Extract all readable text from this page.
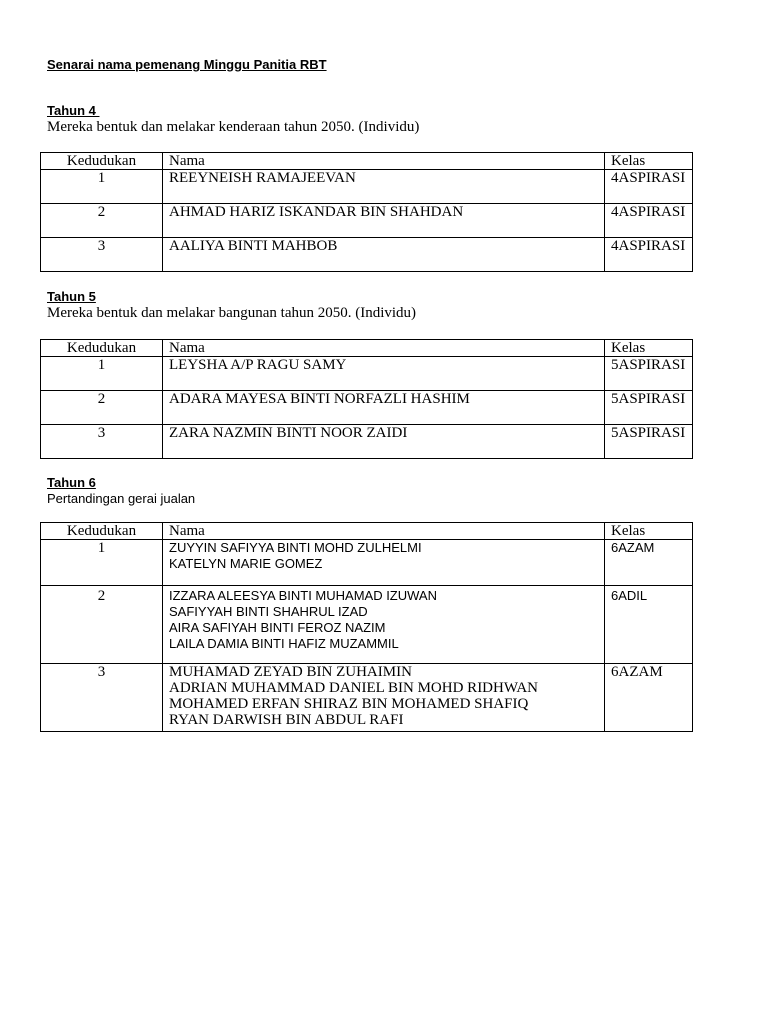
Senarai nama pemenang Minggu Panitia RBT
Tahun 4
Mereka bentuk dan melakar kenderaan tahun 2050. (Individu)
Kedudukan	Nama	Kelas
1	REEYNEISH RAMAJEEVAN	4ASPIRASI
2	AHMAD HARIZ ISKANDAR BIN SHAHDAN	4ASPIRASI
3	AALIYA BINTI MAHBOB	4ASPIRASI
Tahun 5
Mereka bentuk dan melakar bangunan tahun 2050. (Individu)
Kedudukan	Nama	Kelas
1	LEYSHA A/P RAGU SAMY	5ASPIRASI
2	ADARA MAYESA BINTI NORFAZLI HASHIM	5ASPIRASI
3	ZARA NAZMIN BINTI NOOR ZAIDI	5ASPIRASI
Tahun 6
Pertandingan gerai jualan
Kedudukan	Nama	Kelas
1	ZUYYIN SAFIYYA BINTI MOHD ZULHELMI
KATELYN MARIE GOMEZ	6AZAM
2	IZZARA ALEESYA BINTI MUHAMAD IZUWAN
SAFIYYAH BINTI SHAHRUL IZAD
AIRA SAFIYAH BINTI FEROZ NAZIM
LAILA DAMIA BINTI HAFIZ MUZAMMIL	6ADIL
3	MUHAMAD ZEYAD BIN ZUHAIMIN
ADRIAN MUHAMMAD DANIEL BIN MOHD RIDHWAN
MOHAMED ERFAN SHIRAZ BIN MOHAMED SHAFIQ
RYAN DARWISH BIN ABDUL RAFI	6AZAM
